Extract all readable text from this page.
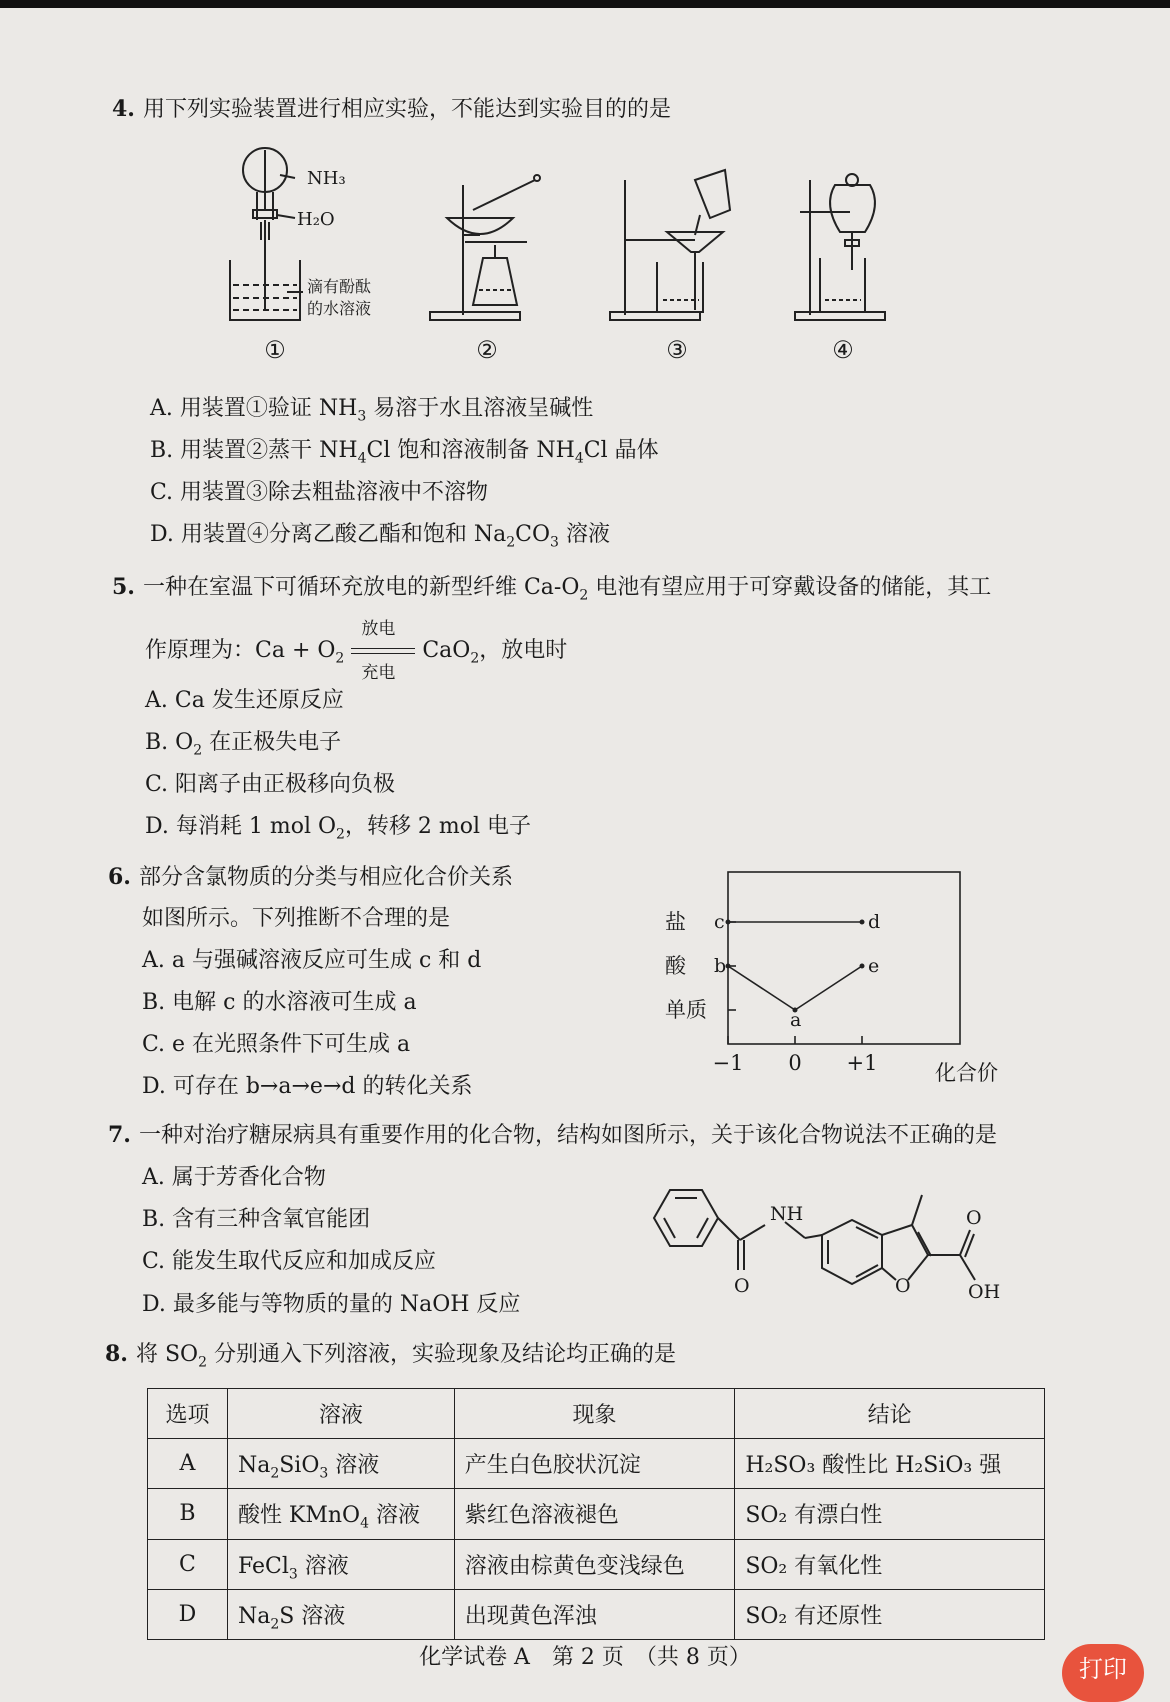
4. 用下列实验装置进行相应实验，不能达到实验目的的是
NH₃
H₂O
滴有酚酞
的水溶液
①	②	③	④
A. 用装置①验证 $NH_3$ 易溶于水且溶液呈碱性
B. 用装置②蒸干 $NH_4Cl$ 饱和溶液制备 $NH_4Cl$ 晶体
C. 用装置③除去粗盐溶液中不溶物
D. 用装置④分离乙酸乙酯和饱和 $Na_2CO_3$ 溶液
5. 一种在室温下可循环充放电的新型纤维 $Ca-O_2$ 电池有望应用于可穿戴设备的储能，其工
作原理为：$Ca + O_2$
放电
充电
CaO$_2$，放电时
A. Ca 发生还原反应
B. $O_2$ 在正极失电子
C. 阳离子由正极移向负极
D. 每消耗 1 mol $O_2$，转移 2 mol 电子
6. 部分含氯物质的分类与相应化合价关系
如图所示。下列推断不合理的是
A. a 与强碱溶液反应可生成 c 和 d
B. 电解 c 的水溶液可生成 a
C. e 在光照条件下可生成 a
D. 可存在 b→a→e→d 的转化关系
单质
酸
盐
−1 0 +1
c
b
a
e
d
化合价
7. 一种对治疗糖尿病具有重要作用的化合物，结构如图所示，关于该化合物说法不正确的是
A. 属于芳香化合物
B. 含有三种含氧官能团
C. 能发生取代反应和加成反应
D. 最多能与等物质的量的 NaOH 反应
NH
O	O
O
OH
8. 将 $SO_2$ 分别通入下列溶液，实验现象及结论均正确的是
选项	溶液	现象	结论
A	$Na_2SiO_3$ 溶液	产生白色胶状沉淀	H₂SO₃ 酸性比 H₂SiO₃ 强
B	酸性 KMnO$_4$ 溶液	紫红色溶液褪色	SO₂ 有漂白性
C	FeCl$_3$ 溶液	溶液由棕黄色变浅绿色	SO₂ 有氧化性
D	$Na_2S$ 溶液	出现黄色浑浊	SO₂ 有还原性
化学试卷 A　第 2 页　（共 8 页）	打印
